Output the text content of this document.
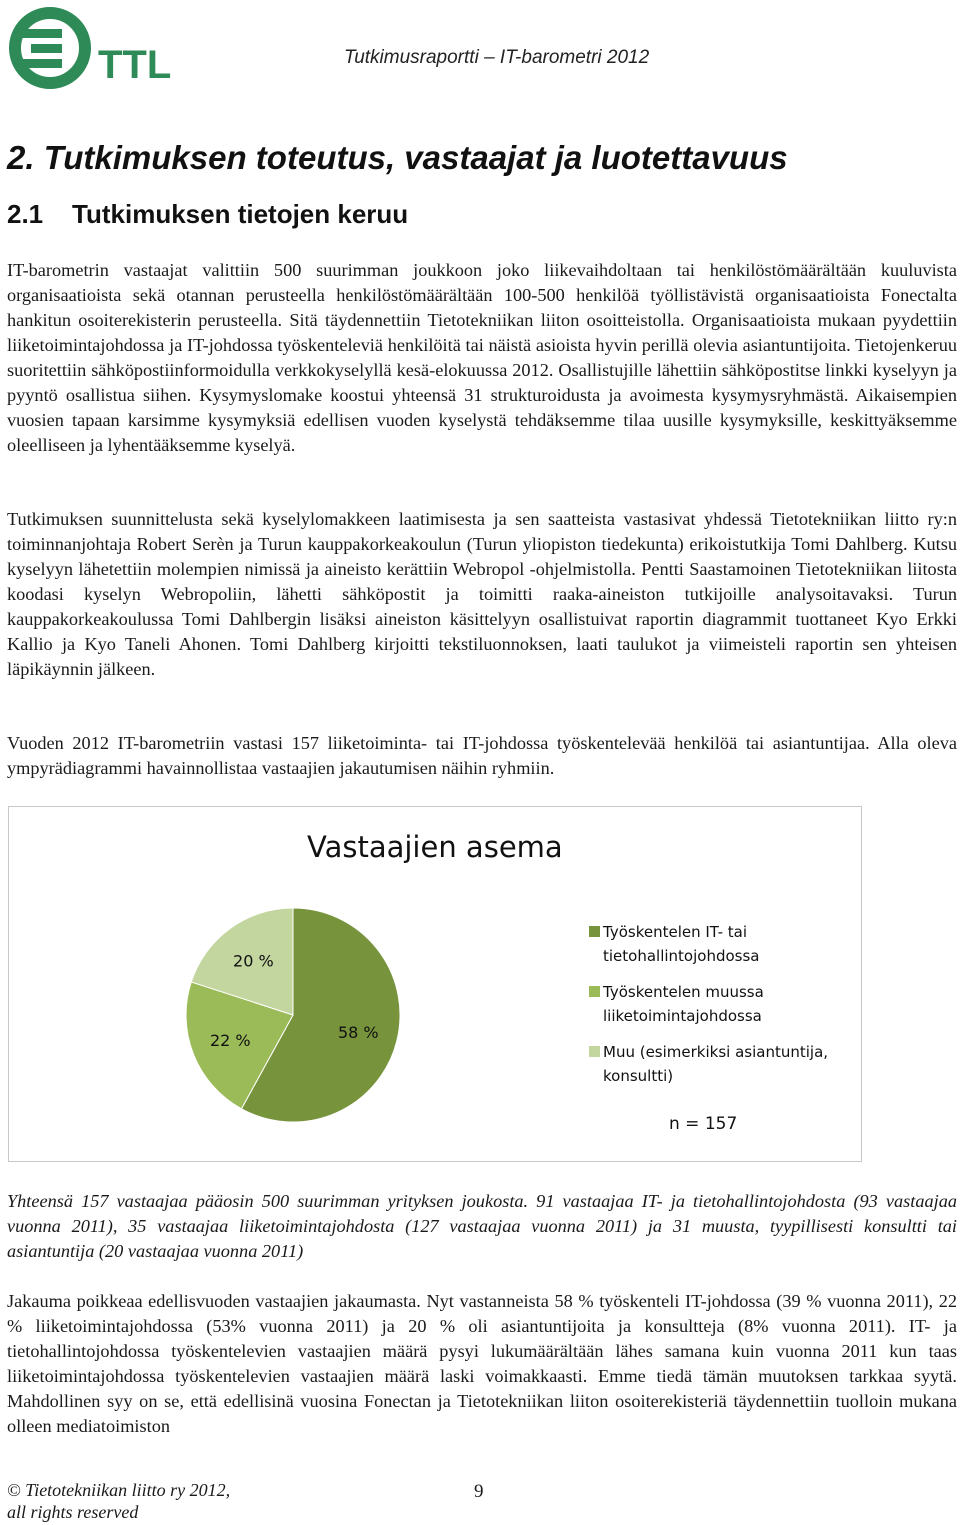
TTL	Tutkimusraportti – IT-barometri 2012
2. Tutkimuksen toteutus, vastaajat ja luotettavuus
2.1    Tutkimuksen tietojen keruu

IT-barometrin vastaajat valittiin 500 suurimman joukkoon joko liikevaihdoltaan tai henkilöstömäärältään kuuluvista organisaatioista sekä otannan perusteella henkilöstömäärältään 100-500 henkilöä työllistävistä organisaatioista Fonectalta hankitun osoiterekisterin perusteella. Sitä täydennettiin Tietotekniikan liiton osoitteistolla. Organisaatioista mukaan pyydettiin liiketoimintajohdossa ja IT-johdossa työskenteleviä henkilöitä tai näistä asioista hyvin perillä olevia asiantuntijoita. Tietojenkeruu suoritettiin sähköpostiinformoidulla verkkokyselyllä kesä-elokuussa 2012. Osallistujille lähettiin sähköpostitse linkki kyselyyn ja pyyntö osallistua siihen. Kysymyslomake koostui yhteensä 31 strukturoidusta ja avoimesta kysymysryhmästä. Aikaisempien vuosien tapaan karsimme kysymyksiä edellisen vuoden kyselystä tehdäksemme tilaa uusille kysymyksille, keskittyäksemme oleelliseen ja lyhentääksemme kyselyä.

Tutkimuksen suunnittelusta sekä kyselylomakkeen laatimisesta ja sen saatteista vastasivat yhdessä Tietotekniikan liitto ry:n toiminnanjohtaja Robert Serèn ja Turun kauppakorkeakoulun (Turun yliopiston tiedekunta) erikoistutkija Tomi Dahlberg. Kutsu kyselyyn lähetettiin molempien nimissä ja aineisto kerättiin Webropol -ohjelmistolla. Pentti Saastamoinen Tietotekniikan liitosta koodasi kyselyn Webropoliin, lähetti sähköpostit ja toimitti raaka-aineiston tutkijoille analysoitavaksi. Turun kauppakorkeakoulussa Tomi Dahlbergin lisäksi aineiston käsittelyyn osallistuivat raportin diagrammit tuottaneet Kyo Erkki Kallio ja Kyo Taneli Ahonen. Tomi Dahlberg kirjoitti tekstiluonnoksen, laati taulukot ja viimeisteli raportin sen yhteisen läpikäynnin jälkeen.

Vuoden 2012 IT-barometriin vastasi 157 liiketoiminta- tai IT-johdossa työskentelevää henkilöä tai asiantuntijaa. Alla oleva ympyrädiagrammi havainnollistaa vastaajien jakautumisen näihin ryhmiin.

Vastaajien asema
58 %
22 %
20 %
Työskentelen IT- tai
tietohallintojohdossa
Työskentelen muussa
liiketoimintajohdossa
Muu (esimerkiksi asiantuntija,
konsultti)
n = 157

Yhteensä 157 vastaajaa pääosin 500 suurimman yrityksen joukosta. 91 vastaajaa IT- ja tietohallintojohdosta (93 vastaajaa vuonna 2011), 35 vastaajaa liiketoimintajohdosta (127 vastaajaa vuonna 2011) ja 31 muusta, tyypillisesti konsultti tai asiantuntija (20 vastaajaa vuonna 2011)

Jakauma poikkeaa edellisvuoden vastaajien jakaumasta. Nyt vastanneista 58 % työskenteli IT-johdossa (39 % vuonna 2011), 22 % liiketoimintajohdossa (53% vuonna 2011) ja 20 % oli asiantuntijoita ja konsultteja (8% vuonna 2011). IT- ja tietohallintojohdossa työskentelevien vastaajien määrä pysyi lukumäärältään lähes samana kuin vuonna 2011 kun taas liiketoimintajohdossa työskentelevien vastaajien määrä laski voimakkaasti. Emme tiedä tämän muutoksen tarkkaa syytä. Mahdollinen syy on se, että edellisinä vuosina Fonectan ja Tietotekniikan liiton osoiterekisteriä täydennettiin tuolloin mukana olleen mediatoimiston

© Tietotekniikan liitto ry 2012,
all rights reserved
9
